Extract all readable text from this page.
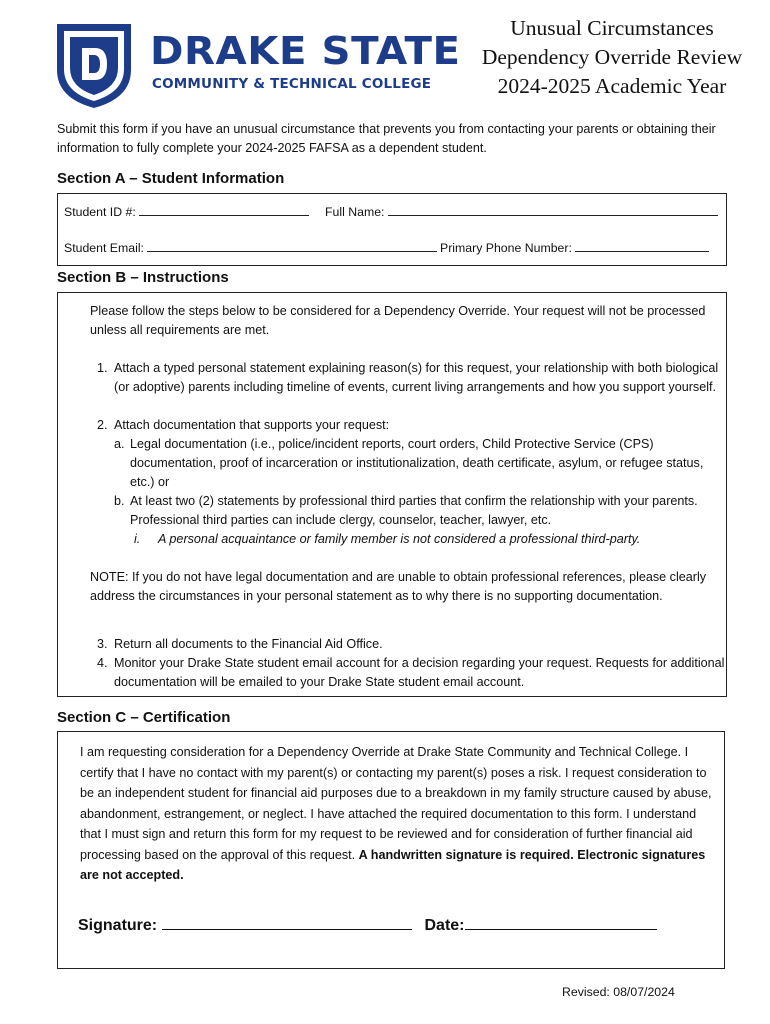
DRAKE STATE
COMMUNITY & TECHNICAL COLLEGE
Unusual Circumstances
Dependency Override Review
2024-2025 Academic Year
Submit this form if you have an unusual circumstance that prevents you from contacting your parents or obtaining their information to fully complete your 2024-2025 FAFSA as a dependent student.
Section A – Student Information
Student ID #:	Full Name:
Student Email:	Primary Phone Number:
Section B – Instructions
Please follow the steps below to be considered for a Dependency Override. Your request will not be processed unless all requirements are met.
1. Attach a typed personal statement explaining reason(s) for this request, your relationship with both biological (or adoptive) parents including timeline of events, current living arrangements and how you support yourself.
2. Attach documentation that supports your request:
a. Legal documentation (i.e., police/incident reports, court orders, Child Protective Service (CPS) documentation, proof of incarceration or institutionalization, death certificate, asylum, or refugee status, etc.) or
b. At least two (2) statements by professional third parties that confirm the relationship with your parents. Professional third parties can include clergy, counselor, teacher, lawyer, etc.
i. A personal acquaintance or family member is not considered a professional third-party.
NOTE: If you do not have legal documentation and are unable to obtain professional references, please clearly address the circumstances in your personal statement as to why there is no supporting documentation.
3. Return all documents to the Financial Aid Office.
4. Monitor your Drake State student email account for a decision regarding your request. Requests for additional documentation will be emailed to your Drake State student email account.
Section C – Certification
I am requesting consideration for a Dependency Override at Drake State Community and Technical College. I certify that I have no contact with my parent(s) or contacting my parent(s) poses a risk. I request consideration to be an independent student for financial aid purposes due to a breakdown in my family structure caused by abuse, abandonment, estrangement, or neglect. I have attached the required documentation to this form. I understand that I must sign and return this form for my request to be reviewed and for consideration of further financial aid processing based on the approval of this request. A handwritten signature is required. Electronic signatures are not accepted.
Signature:	Date:
Revised: 08/07/2024
